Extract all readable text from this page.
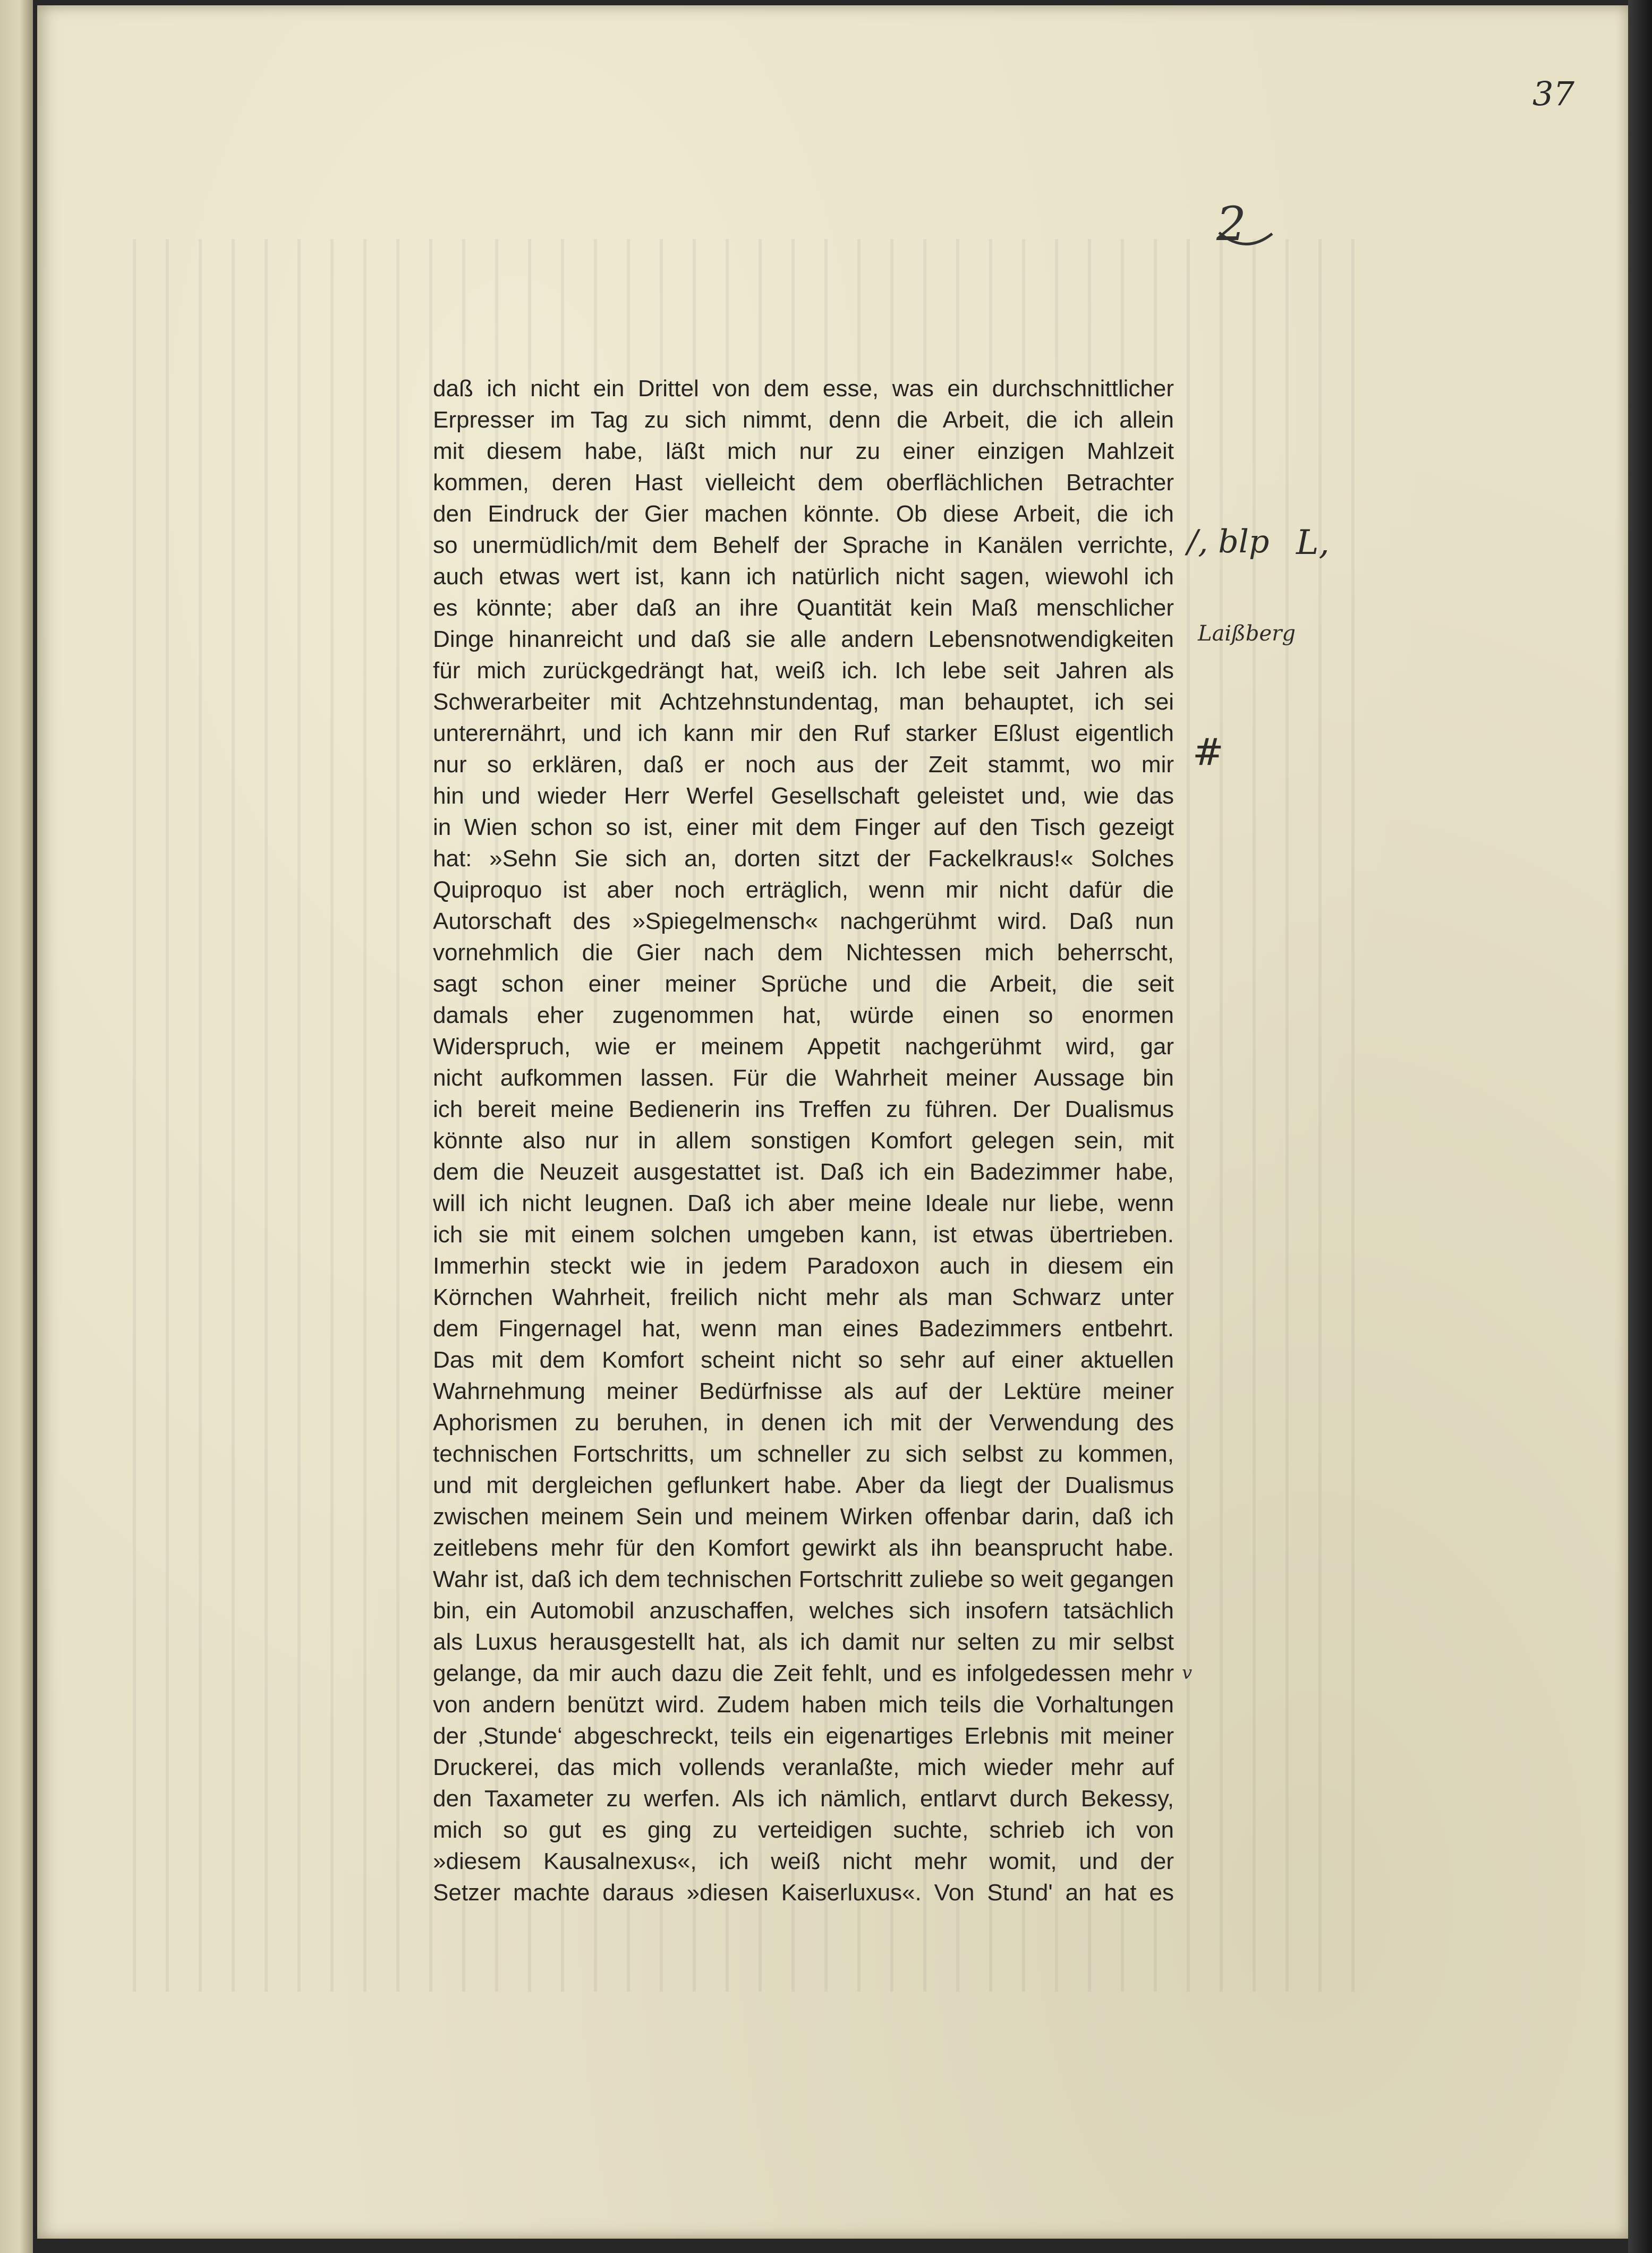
37
2
daß ich nicht ein Drittel von dem esse, was ein durchschnittlicher
Erpresser im Tag zu sich nimmt, denn die Arbeit, die ich allein
mit diesem habe, läßt mich nur zu einer einzigen Mahlzeit
kommen, deren Hast vielleicht dem oberflächlichen Betrachter
den Eindruck der Gier machen könnte. Ob diese Arbeit, die ich
so unermüdlich/mit dem Behelf der Sprache in Kanälen verrichte,
auch etwas wert ist, kann ich natürlich nicht sagen, wiewohl ich
es könnte; aber daß an ihre Quantität kein Maß menschlicher
Dinge hinanreicht und daß sie alle andern Lebensnotwendigkeiten
für mich zurückgedrängt hat, weiß ich. Ich lebe seit Jahren als
Schwerarbeiter mit Achtzehnstundentag, man behauptet, ich sei
unterernährt, und ich kann mir den Ruf starker Eßlust eigentlich
nur so erklären, daß er noch aus der Zeit stammt, wo mir
hin und wieder Herr Werfel Gesellschaft geleistet und, wie das
in Wien schon so ist, einer mit dem Finger auf den Tisch gezeigt
hat: »Sehn Sie sich an, dorten sitzt der Fackelkraus!« Solches
Quiproquo ist aber noch erträglich, wenn mir nicht dafür die
Autorschaft des »Spiegelmensch« nachgerühmt wird. Daß nun
vornehmlich die Gier nach dem Nichtessen mich beherrscht,
sagt schon einer meiner Sprüche und die Arbeit, die seit
damals eher zugenommen hat, würde einen so enormen
Widerspruch, wie er meinem Appetit nachgerühmt wird, gar
nicht aufkommen lassen. Für die Wahrheit meiner Aussage bin
ich bereit meine Bedienerin ins Treffen zu führen. Der Dualismus
könnte also nur in allem sonstigen Komfort gelegen sein, mit
dem die Neuzeit ausgestattet ist. Daß ich ein Badezimmer habe,
will ich nicht leugnen. Daß ich aber meine Ideale nur liebe, wenn
ich sie mit einem solchen umgeben kann, ist etwas übertrieben.
Immerhin steckt wie in jedem Paradoxon auch in diesem ein
Körnchen Wahrheit, freilich nicht mehr als man Schwarz unter
dem Fingernagel hat, wenn man eines Badezimmers entbehrt.
Das mit dem Komfort scheint nicht so sehr auf einer aktuellen
Wahrnehmung meiner Bedürfnisse als auf der Lektüre meiner
Aphorismen zu beruhen, in denen ich mit der Verwendung des
technischen Fortschritts, um schneller zu sich selbst zu kommen,
und mit dergleichen geflunkert habe. Aber da liegt der Dualismus
zwischen meinem Sein und meinem Wirken offenbar darin, daß ich
zeitlebens mehr für den Komfort gewirkt als ihn beansprucht habe.
Wahr ist, daß ich dem technischen Fortschritt zuliebe so weit gegangen
bin, ein Automobil anzuschaffen, welches sich insofern tatsächlich
als Luxus herausgestellt hat, als ich damit nur selten zu mir selbst
gelange, da mir auch dazu die Zeit fehlt, und es infolgedessen mehr
von andern benützt wird. Zudem haben mich teils die Vorhaltungen
der ‚Stunde‘ abgeschreckt, teils ein eigenartiges Erlebnis mit meiner
Druckerei, das mich vollends veranlaßte, mich wieder mehr auf
den Taxameter zu werfen. Als ich nämlich, entlarvt durch Bekessy,
mich so gut es ging zu verteidigen suchte, schrieb ich von
»diesem Kausalnexus«, ich weiß nicht mehr womit, und der
Setzer machte daraus »diesen Kaiserluxus«. Von Stund' an hat es
/, blp L,
Laißberg
#
v
